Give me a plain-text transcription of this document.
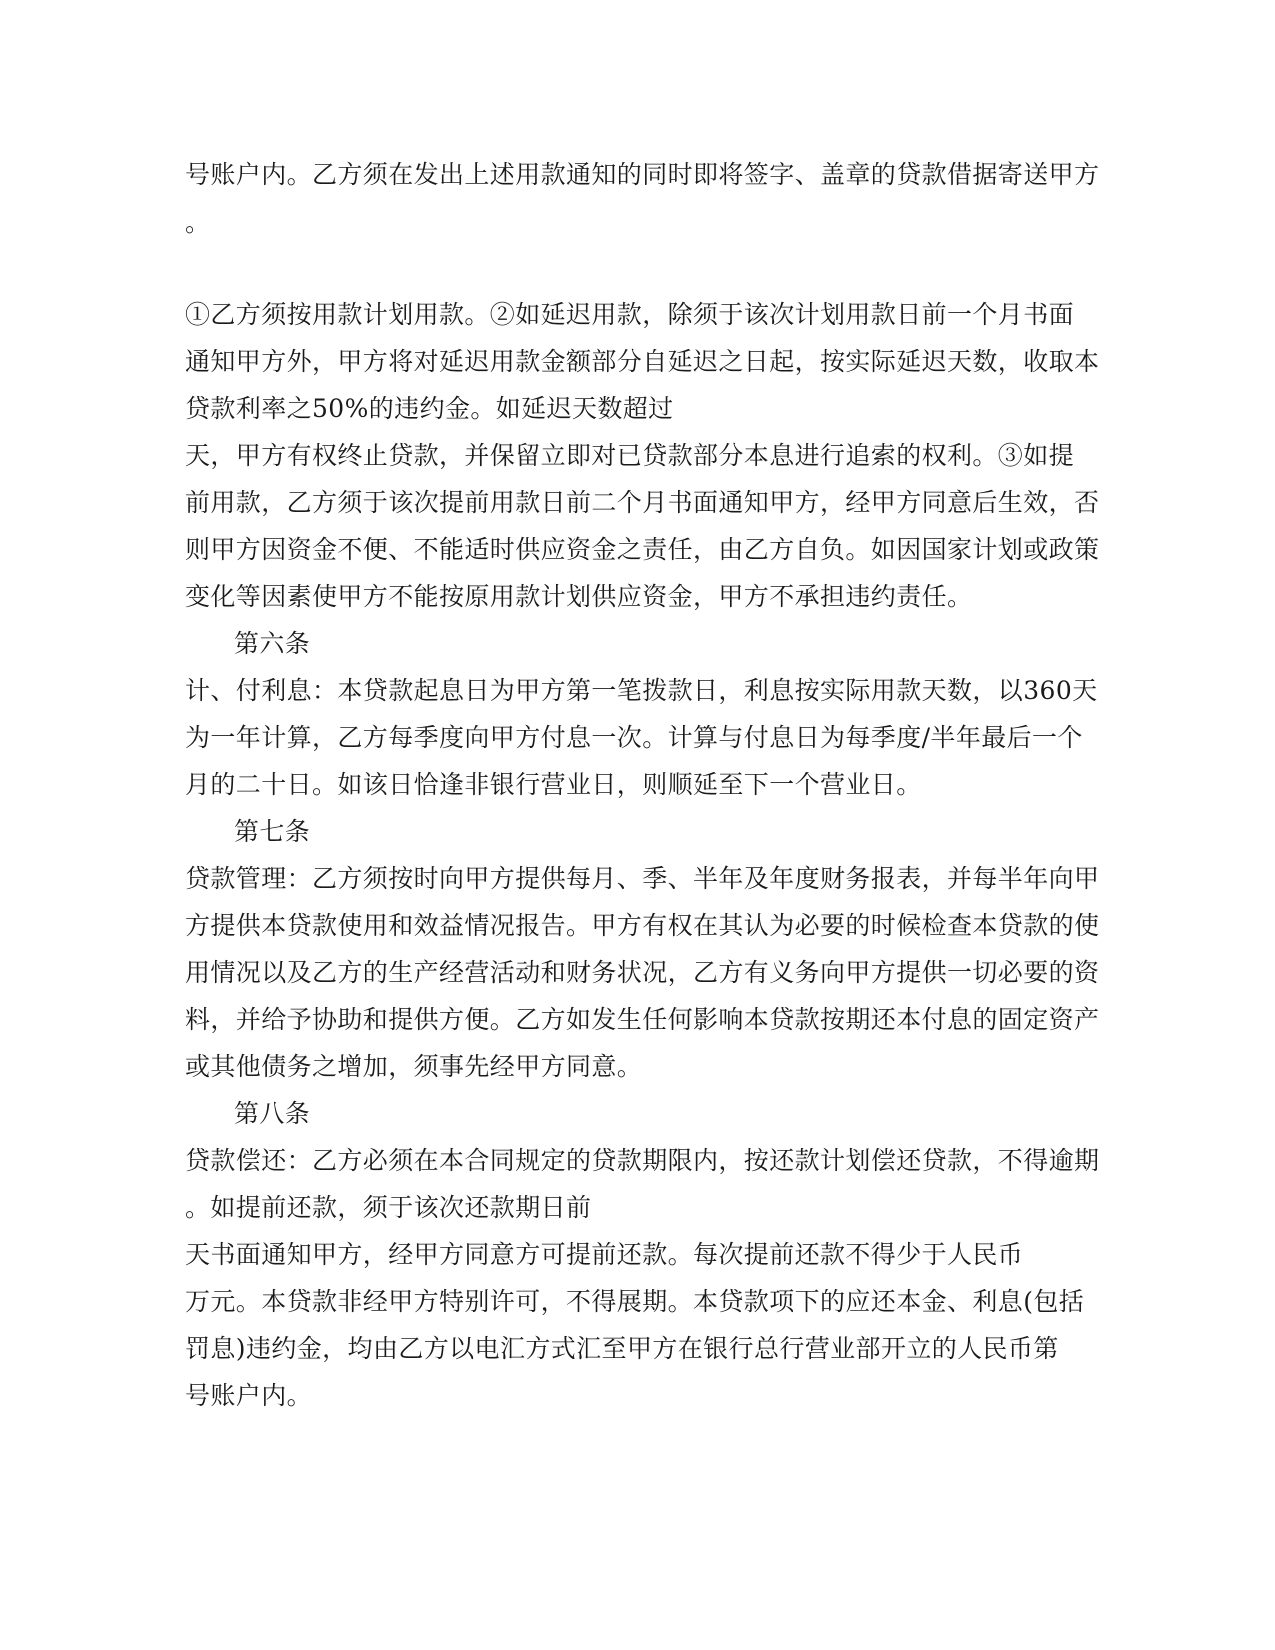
号账户内。乙方须在发出上述用款通知的同时即将签字、盖章的贷款借据寄送甲方
。
①乙方须按用款计划用款。②如延迟用款，除须于该次计划用款日前一个月书面
通知甲方外，甲方将对延迟用款金额部分自延迟之日起，按实际延迟天数，收取本
贷款利率之50%的违约金。如延迟天数超过
天，甲方有权终止贷款，并保留立即对已贷款部分本息进行追索的权利。③如提
前用款，乙方须于该次提前用款日前二个月书面通知甲方，经甲方同意后生效，否
则甲方因资金不便、不能适时供应资金之责任，由乙方自负。如因国家计划或政策
变化等因素使甲方不能按原用款计划供应资金，甲方不承担违约责任。
第六条
计、付利息：本贷款起息日为甲方第一笔拨款日，利息按实际用款天数，以360天
为一年计算，乙方每季度向甲方付息一次。计算与付息日为每季度/半年最后一个
月的二十日。如该日恰逢非银行营业日，则顺延至下一个营业日。
第七条
贷款管理：乙方须按时向甲方提供每月、季、半年及年度财务报表，并每半年向甲
方提供本贷款使用和效益情况报告。甲方有权在其认为必要的时候检查本贷款的使
用情况以及乙方的生产经营活动和财务状况，乙方有义务向甲方提供一切必要的资
料，并给予协助和提供方便。乙方如发生任何影响本贷款按期还本付息的固定资产
或其他债务之增加，须事先经甲方同意。
第八条
贷款偿还：乙方必须在本合同规定的贷款期限内，按还款计划偿还贷款，不得逾期
。如提前还款，须于该次还款期日前
天书面通知甲方，经甲方同意方可提前还款。每次提前还款不得少于人民币
万元。本贷款非经甲方特别许可，不得展期。本贷款项下的应还本金、利息(包括
罚息)违约金，均由乙方以电汇方式汇至甲方在银行总行营业部开立的人民币第
号账户内。
